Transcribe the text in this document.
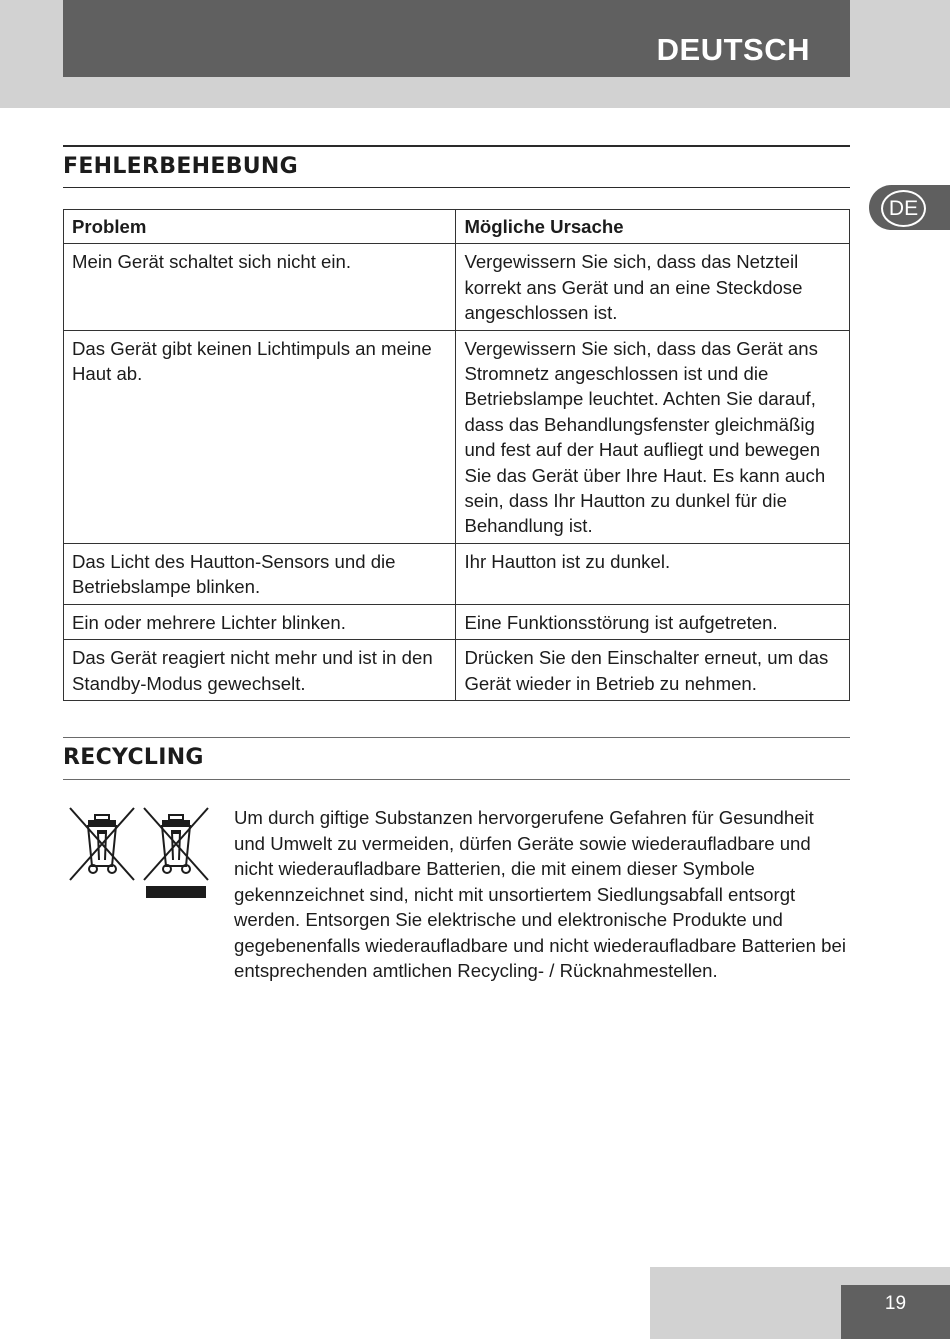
DEUTSCH
DE
FEHLERBEHEBUNG
Problem	Mögliche Ursache
Mein Gerät schaltet sich nicht ein.	Vergewissern Sie sich, dass das Netzteil korrekt ans Gerät und an eine Steckdose angeschlossen ist.
Das Gerät gibt keinen Lichtimpuls an meine Haut ab.	Vergewissern Sie sich, dass das Gerät ans Stromnetz angeschlossen ist und die Betriebslampe leuchtet. Achten Sie darauf, dass das Behandlungsfenster gleichmäßig und fest auf der Haut aufliegt und bewegen Sie das Gerät über Ihre Haut. Es kann auch sein, dass Ihr Hautton zu dunkel für die Behandlung ist.
Das Licht des Hautton-Sensors und die Betriebslampe blinken.	Ihr Hautton ist zu dunkel.
Ein oder mehrere Lichter blinken.	Eine Funktionsstörung ist aufgetreten.
Das Gerät reagiert nicht mehr und ist in den Standby-Modus gewechselt.	Drücken Sie den Einschalter erneut, um das Gerät wieder in Betrieb zu nehmen.
RECYCLING

Um durch giftige Substanzen hervorgerufene Gefahren für Gesundheit und Umwelt zu vermeiden, dürfen Geräte sowie wiederaufladbare und nicht wiederaufladbare Batterien, die mit einem dieser Symbole gekennzeichnet sind, nicht mit unsortiertem Siedlungsabfall entsorgt werden. Entsorgen Sie elektrische und elektronische Produkte und gegebenenfalls wiederaufladbare und nicht wiederaufladbare Batterien bei entsprechenden amtlichen Recycling- / Rücknahmestellen.

19
